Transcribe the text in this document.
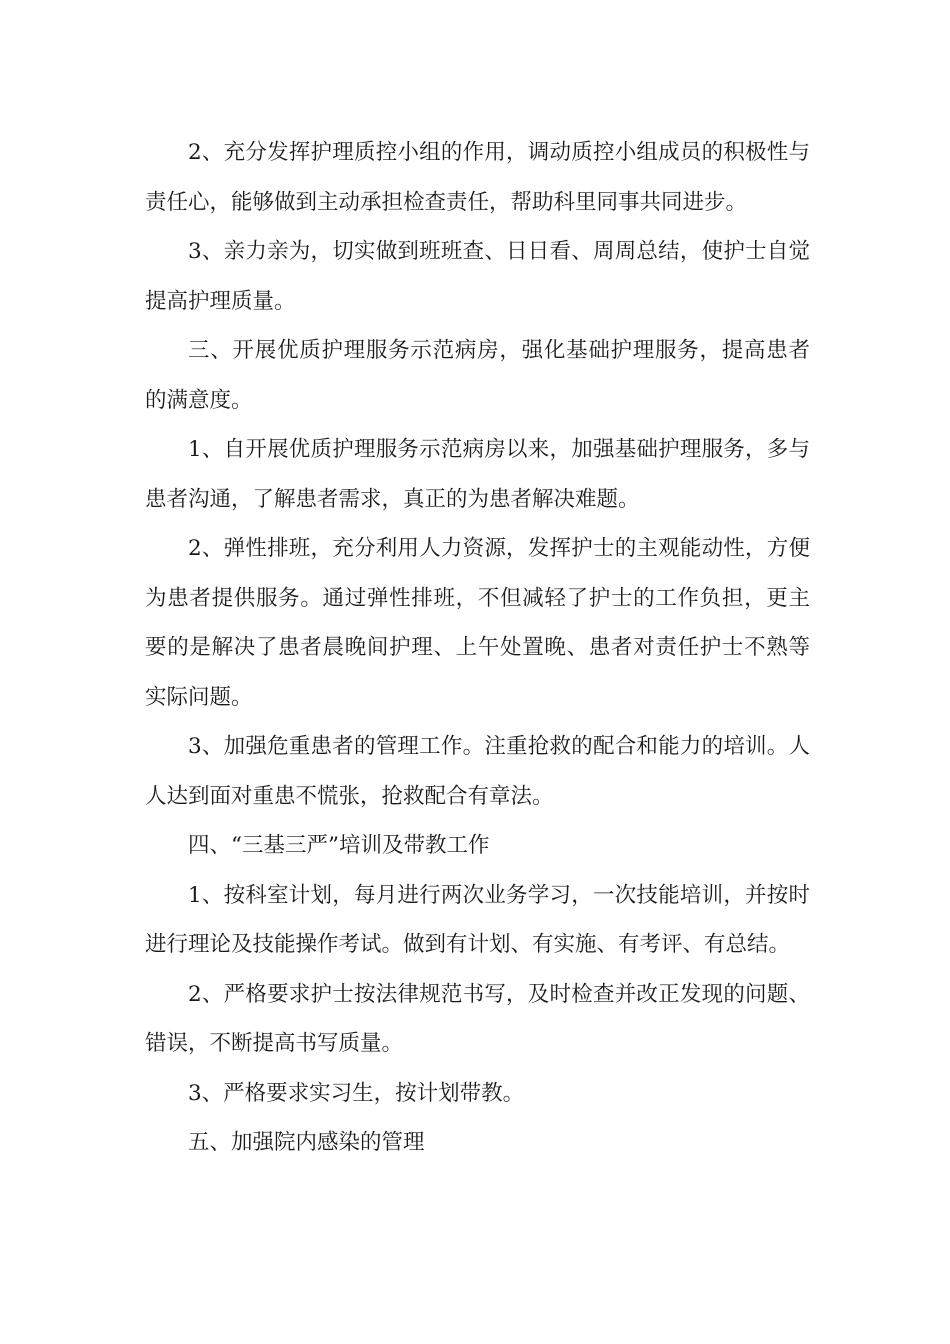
2、充分发挥护理质控小组的作用，调动质控小组成员的积极性与责任心，能够做到主动承担检查责任，帮助科里同事共同进步。

3、亲力亲为，切实做到班班查、日日看、周周总结，使护士自觉提高护理质量。

三、开展优质护理服务示范病房，强化基础护理服务，提高患者的满意度。

1、自开展优质护理服务示范病房以来，加强基础护理服务，多与患者沟通，了解患者需求，真正的为患者解决难题。

2、弹性排班，充分利用人力资源，发挥护士的主观能动性，方便为患者提供服务。通过弹性排班，不但减轻了护士的工作负担，更主要的是解决了患者晨晚间护理、上午处置晚、患者对责任护士不熟等实际问题。

3、加强危重患者的管理工作。注重抢救的配合和能力的培训。人人达到面对重患不慌张，抢救配合有章法。

四、“三基三严”培训及带教工作

1、按科室计划，每月进行两次业务学习，一次技能培训，并按时进行理论及技能操作考试。做到有计划、有实施、有考评、有总结。

2、严格要求护士按法律规范书写，及时检查并改正发现的问题、错误，不断提高书写质量。

3、严格要求实习生，按计划带教。

五、加强院内感染的管理
